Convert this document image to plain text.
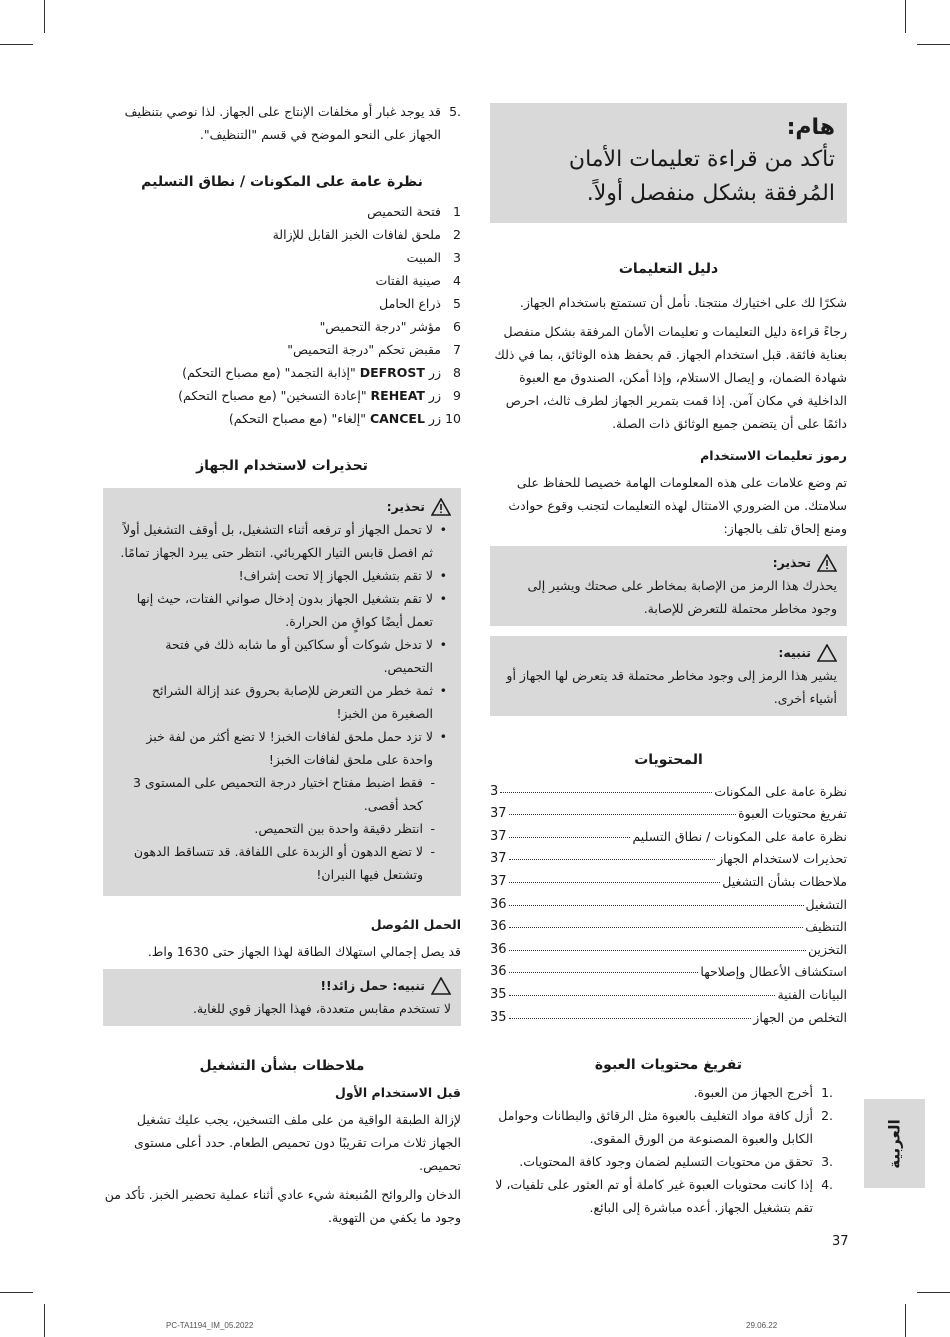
هام:
تأكد من قراءة تعليمات الأمان المُرفقة بشكل منفصل أولاً.
دليل التعليمات

شكرًا لك على اختيارك منتجنا. نأمل أن تستمتع باستخدام الجهاز.

رجاءً قراءة دليل التعليمات و تعليمات الأمان المرفقة بشكل منفصل بعناية فائقة. قبل استخدام الجهاز. قم بحفظ هذه الوثائق، بما في ذلك شهادة الضمان، و إيصال الاستلام، وإذا أمكن، الصندوق مع العبوة الداخلية في مكان آمن. إذا قمت بتمرير الجهاز لطرف ثالث، احرص دائمًا على أن يتضمن جميع الوثائق ذات الصلة.

رموز تعليمات الاستخدام

تم وضع علامات على هذه المعلومات الهامة خصيصا للحفاظ على سلامتك. من الضروري الامتثال لهذه التعليمات لتجنب وقوع حوادث ومنع إلحاق تلف بالجهاز:

تحذير:
يحذرك هذا الرمز من الإصابة بمخاطر على صحتك ويشير إلى وجود مخاطر محتملة للتعرض للإصابة.
تنبيه:
يشير هذا الرمز إلى وجود مخاطر محتملة قد يتعرض لها الجهاز أو أشياء أخرى.
المحتويات
نظرة عامة على المكونات
3
تفريغ محتويات العبوة
37
نظرة عامة على المكونات / نطاق التسليم
37
تحذيرات لاستخدام الجهاز
37
ملاحظات بشأن التشغيل
37
التشغيل
36
التنظيف
36
التخزين
36
استكشاف الأعطال وإصلاحها
36
البيانات الفنية
35
التخلص من الجهاز
35
تفريغ محتويات العبوة
.1
أخرج الجهاز من العبوة.
.2
أزل كافة مواد التغليف بالعبوة مثل الرقائق والبطانات وحوامل الكابل والعبوة المصنوعة من الورق المقوى.
.3
تحقق من محتويات التسليم لضمان وجود كافة المحتويات.
.4
إذا كانت محتويات العبوة غير كاملة أو تم العثور على تلفيات، لا تقم بتشغيل الجهاز. أعده مباشرة إلى البائع.
.5
قد يوجد غبار أو مخلفات الإنتاج على الجهاز. لذا نوصي بتنظيف الجهاز على النحو الموضح في قسم "التنظيف".
نظرة عامة على المكونات / نطاق التسليم
1
فتحة التحميص
2
ملحق لفافات الخبز القابل للإزالة
3
المبيت
4
صينية الفتات
5
ذراع الحامل
6
مؤشر "درجة التحميص"
7
مقبض تحكم "درجة التحميص"
8
زر DEFROST "إذابة التجمد" (مع مصباح التحكم)
9
زر REHEAT "إعادة التسخين" (مع مصباح التحكم)
10
زر CANCEL "إلغاء" (مع مصباح التحكم)
تحذيرات لاستخدام الجهاز
تحذير:
• لا تحمل الجهاز أو ترفعه أثناء التشغيل، بل أوقف التشغيل أولاً ثم افصل قابس التيار الكهربائي. انتظر حتى يبرد الجهاز تمامًا.
• لا تقم بتشغيل الجهاز إلا تحت إشراف!
• لا تقم بتشغيل الجهاز بدون إدخال صواني الفتات، حيث إنها تعمل أيضًا كواقٍ من الحرارة.
• لا تدخل شوكات أو سكاكين أو ما شابه ذلك في فتحة التحميص.
• ثمة خطر من التعرض للإصابة بحروق عند إزالة الشرائح الصغيرة من الخبز!
• لا تزد حمل ملحق لفافات الخبز! لا تضع أكثر من لفة خبز واحدة على ملحق لفافات الخبز!
- فقط اضبط مفتاح اختيار درجة التحميص على المستوى 3 كحد أقصى.
- انتظر دقيقة واحدة بين التحميص.
- لا تضع الدهون أو الزبدة على اللفافة. قد تتساقط الدهون وتشتعل فيها النيران!
الحمل المُوصل

قد يصل إجمالي استهلاك الطاقة لهذا الجهاز حتى 1630 واط.

تنبيه: حمل زائد!!
لا تستخدم مقابس متعددة، فهذا الجهاز قوي للغاية.
ملاحظات بشأن التشغيل
قبل الاستخدام الأول

لإزالة الطبقة الواقية من على ملف التسخين، يجب عليك تشغيل الجهاز ثلاث مرات تقريبًا دون تحميص الطعام. حدد أعلى مستوى تحميص.

الدخان والروائح المُنبعثة شيء عادي أثناء عملية تحضير الخبز. تأكد من وجود ما يكفي من التهوية.

العربية
37
PC-TA1194_IM_05.2022	29.06.22
